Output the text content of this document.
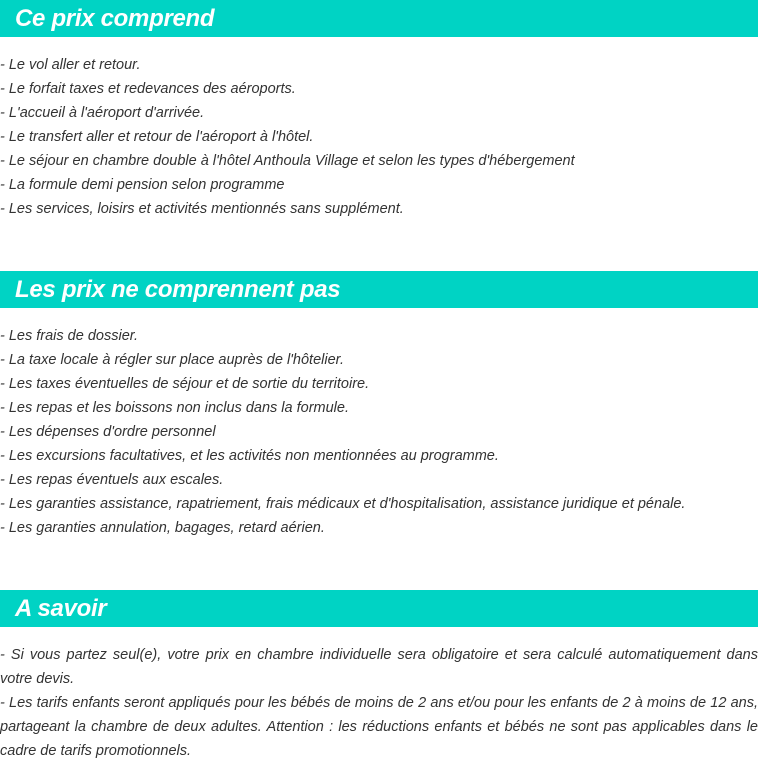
Ce prix comprend
- Le vol aller et retour.
- Le forfait taxes et redevances des aéroports.
- L'accueil à l'aéroport d'arrivée.
- Le transfert aller et retour de l'aéroport à l'hôtel.
- Le séjour en chambre double à l'hôtel Anthoula Village et selon les types d'hébergement
- La formule demi pension selon programme
- Les services, loisirs et activités mentionnés sans supplément.
Les prix ne comprennent pas
- Les frais de dossier.
- La taxe locale à régler sur place auprès de l'hôtelier.
- Les taxes éventuelles de séjour et de sortie du territoire.
- Les repas et les boissons non inclus dans la formule.
- Les dépenses d'ordre personnel
- Les excursions facultatives, et les activités non mentionnées au programme.
- Les repas éventuels aux escales.
- Les garanties assistance, rapatriement, frais médicaux et d'hospitalisation, assistance juridique et pénale.
- Les garanties annulation, bagages, retard aérien.
A savoir
- Si vous partez seul(e), votre prix en chambre individuelle sera obligatoire et sera calculé automatiquement dans votre devis.
- Les tarifs enfants seront appliqués pour les bébés de moins de 2 ans et/ou pour les enfants de 2 à moins de 12 ans, partageant la chambre de deux adultes. Attention : les réductions enfants et bébés ne sont pas applicables dans le cadre de tarifs promotionnels.
